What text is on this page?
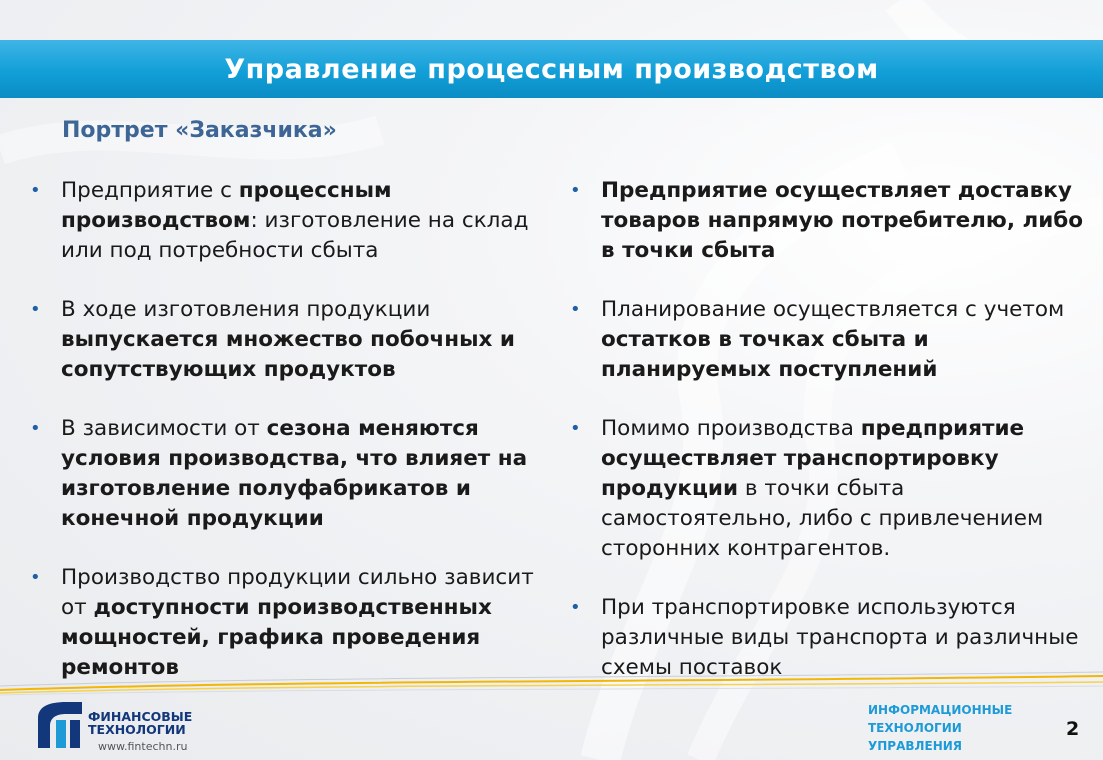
Управление процессным производством
Портрет «Заказчика»
• Предприятие с процессным производством: изготовление на склад или под потребности сбыта
• В ходе изготовления продукции выпускается множество побочных и сопутствующих продуктов
• В зависимости от сезона меняются условия производства, что влияет на изготовление полуфабрикатов и конечной продукции
• Производство продукции сильно зависит от доступности производственных мощностей, графика проведения ремонтов
• Предприятие осуществляет доставку товаров напрямую потребителю, либо в точки сбыта
• Планирование осуществляется с учетом остатков в точках сбыта и планируемых поступлений
• Помимо производства предприятие осуществляет транспортировку продукции в точки сбыта самостоятельно, либо с привлечением сторонних контрагентов.
• При транспортировке используются различные виды транспорта и различные схемы поставок
ФИНАНСОВЫЕ
ТЕХНОЛОГИИ
www.fintechn.ru
ИНФОРМАЦИОННЫЕ
ТЕХНОЛОГИИ
УПРАВЛЕНИЯ
2
